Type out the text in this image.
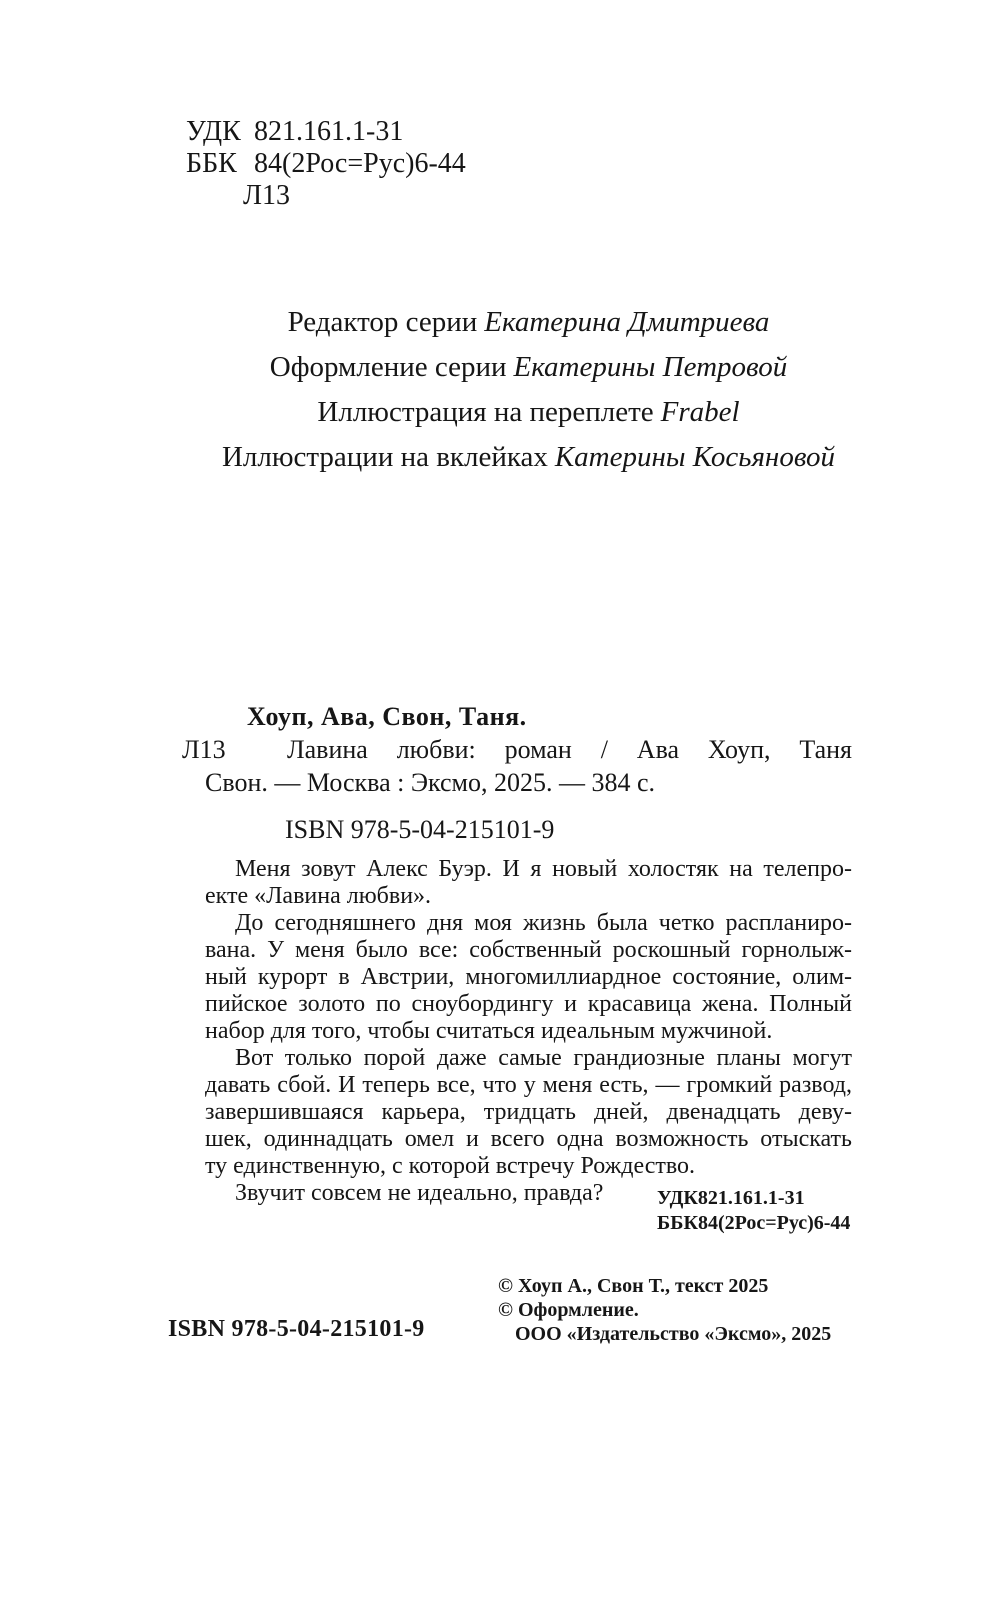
УДК 821.161.1-31
ББК 84(2Рос=Рус)6-44
Л13
Редактор серии Екатерина Дмитриева
Оформление серии Екатерины Петровой
Иллюстрация на переплете Frabel
Иллюстрации на вклейках Катерины Косьяновой
Хоуп, Ава, Свон, Таня.
Л13 Лавина любви: роман / Ава Хоуп, Таня
Свон. — Москва : Эксмо, 2025. — 384 с.
ISBN 978-5-04-215101-9
Меня зовут Алекс Буэр. И я новый холостяк на телепро-
екте «Лавина любви».
До сегодняшнего дня моя жизнь была четко распланиро-
вана. У меня было все: собственный роскошный горнолыж-
ный курорт в Австрии, многомиллиардное состояние, олим-
пийское золото по сноубордингу и красавица жена. Полный
набор для того, чтобы считаться идеальным мужчиной.
Вот только порой даже самые грандиозные планы могут
давать сбой. И теперь все, что у меня есть, — громкий развод,
завершившаяся карьера, тридцать дней, двенадцать деву-
шек, одиннадцать омел и всего одна возможность отыскать
ту единственную, с которой встречу Рождество.
Звучит совсем не идеально, правда?	УДК821.161.1-31
ББК84(2Рос=Рус)6-44
ISBN 978-5-04-215101-9
© Хоуп А., Свон Т., текст 2025
© Оформление.
ООО «Издательство «Эксмо», 2025
